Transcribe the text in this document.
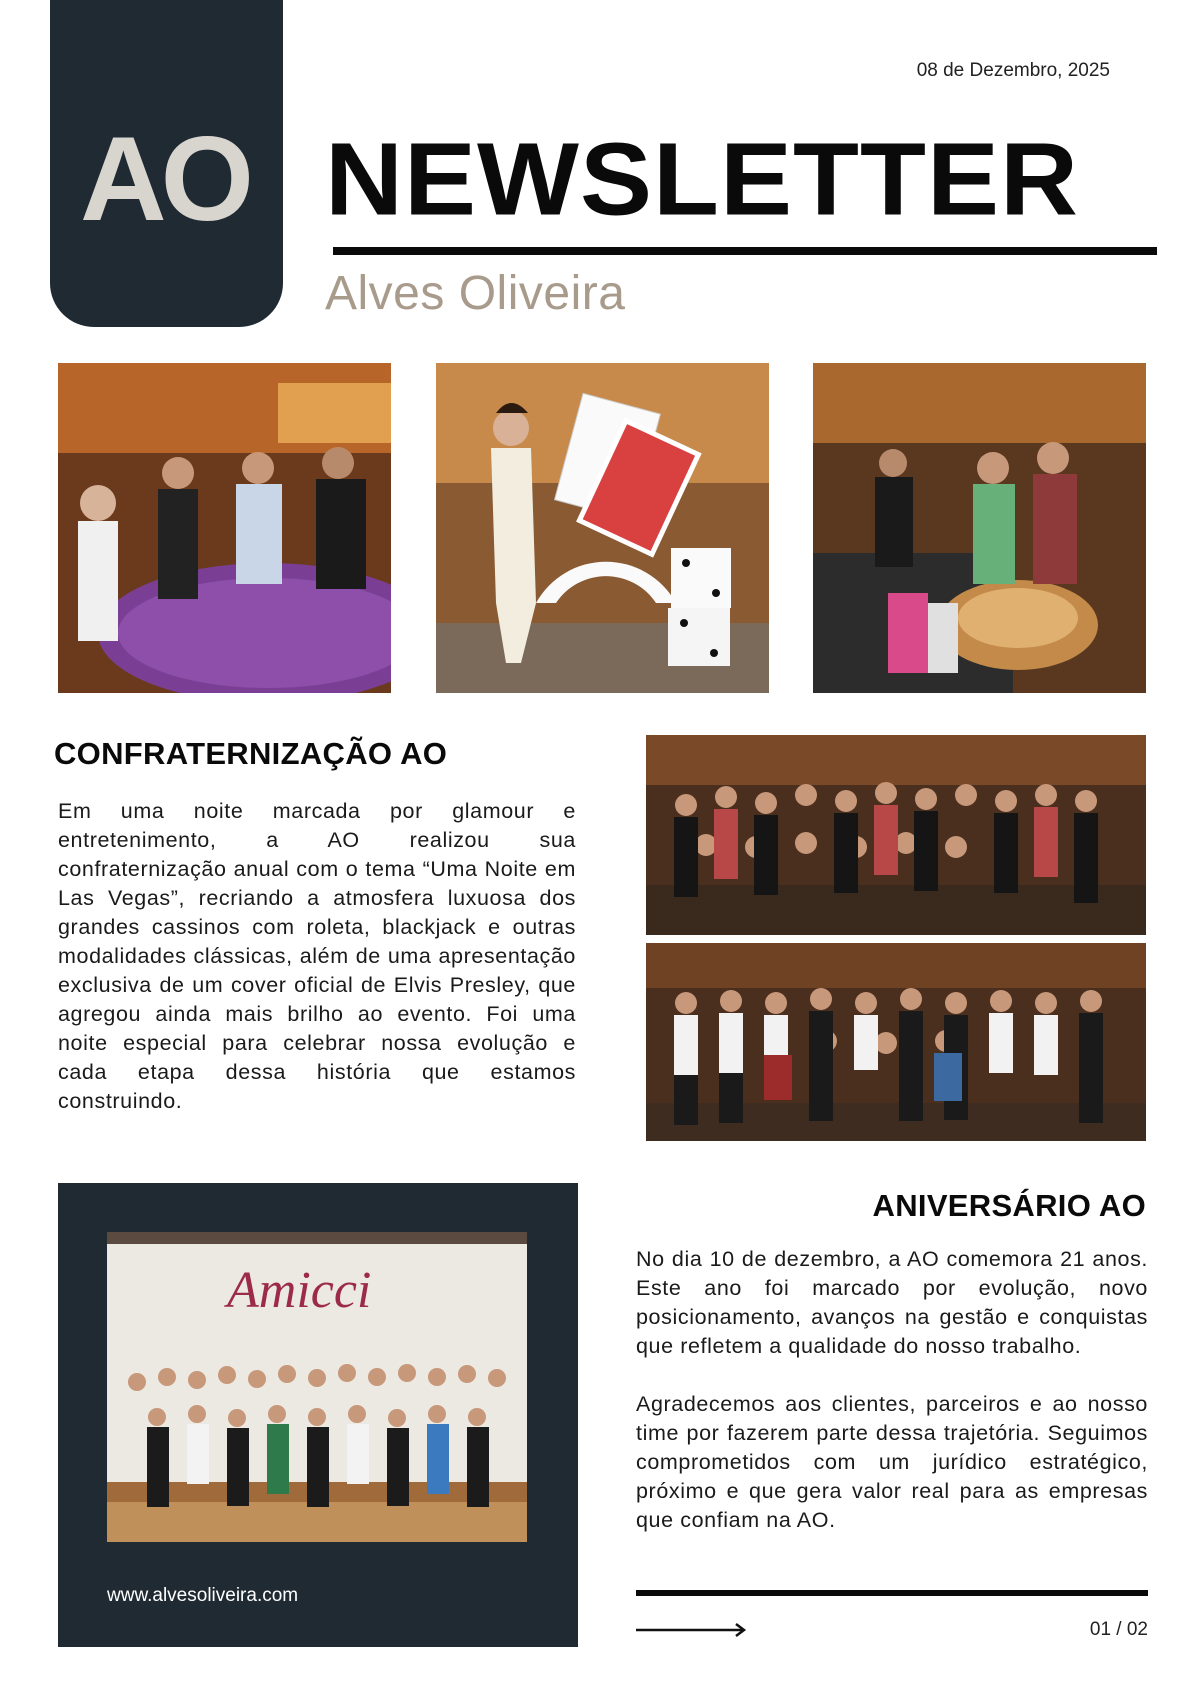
AO
08 de Dezembro, 2025
NEWSLETTER
Alves Oliveira
CONFRATERNIZAÇÃO AO
Em uma noite marcada por glamour e entretenimento, a AO realizou sua confraternização anual com o tema “Uma Noite em Las Vegas”, recriando a atmosfera luxuosa dos grandes cassinos com roleta, blackjack e outras modalidades clássicas, além de uma apresentação exclusiva de um cover oficial de Elvis Presley, que agregou ainda mais brilho ao evento. Foi uma noite especial para celebrar nossa evolução e cada etapa dessa história que estamos construindo.
Amicci
www.alvesoliveira.com
ANIVERSÁRIO AO
No dia 10 de dezembro, a AO comemora 21 anos. Este ano foi marcado por evolução, novo posicionamento, avanços na gestão e conquistas que refletem a qualidade do nosso trabalho.
Agradecemos aos clientes, parceiros e ao nosso time por fazerem parte dessa trajetória. Seguimos comprometidos com um jurídico estratégico, próximo e que gera valor real para as empresas que confiam na AO.
01 / 02
